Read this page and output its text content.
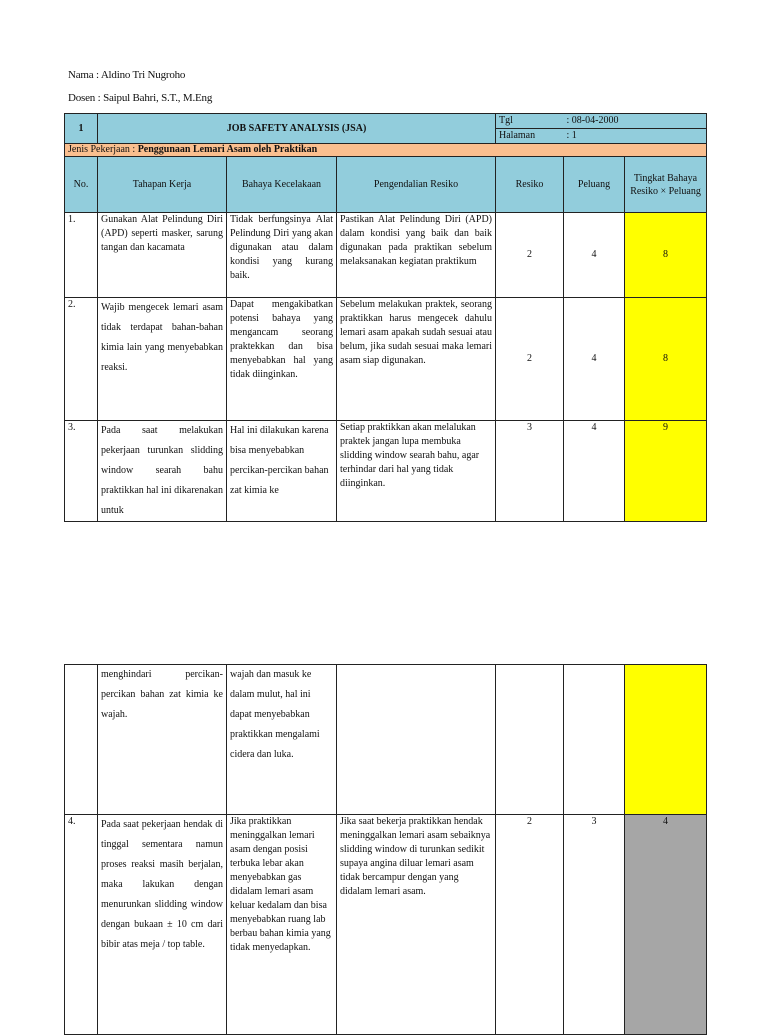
Nama : Aldino Tri Nugroho
Dosen : Saipul Bahri, S.T., M.Eng
1	JOB SAFETY ANALYSIS (JSA)			Tgl	: 08-04-2000	
				Halaman	: 1	
Jenis Pekerjaan : Penggunaan Lemari Asam oleh Praktikan						
No.	Tahapan Kerja	Bahaya Kecelakaan	Pengendalian Resiko	Resiko	Peluang	Tingkat Bahaya Resiko × Peluang
1.	Gunakan Alat Pelindung Diri (APD) seperti masker, sarung tangan dan kacamata	Tidak berfungsinya Alat Pelindung Diri yang akan digunakan atau dalam kondisi yang kurang baik.	Pastikan Alat Pelindung Diri (APD) dalam kondisi yang baik dan baik digunakan pada praktikan sebelum melaksanakan kegiatan praktikum	2	4	8
2.	Wajib mengecek lemari asam tidak terdapat bahan-bahan kimia lain yang menyebabkan reaksi.	Dapat mengakibatkan potensi bahaya yang mengancam seorang praktekkan dan bisa menyebabkan hal yang tidak diinginkan.	Sebelum melakukan praktek, seorang praktikkan harus mengecek dahulu lemari asam apakah sudah sesuai atau belum, jika sudah sesuai maka lemari asam siap digunakan.	2	4	8
3.	Pada saat melakukan pekerjaan turunkan slidding window searah bahu praktikkan hal ini dikarenakan untuk	Hal ini dilakukan karena bisa menyebabkan percikan-percikan bahan zat kimia ke	Setiap praktikkan akan melalukan praktek jangan lupa membuka slidding window searah bahu, agar terhindar dari hal yang tidak diinginkan.	3	4	9
	menghindari percikan-percikan bahan zat kimia ke wajah.	wajah dan masuk ke dalam mulut, hal ini dapat menyebabkan praktikkan mengalami cidera dan luka.				
4.	Pada saat pekerjaan hendak di tinggal sementara namun proses reaksi masih berjalan, maka lakukan dengan menurunkan slidding window dengan bukaan ± 10 cm dari bibir atas meja / top table.	Jika praktikkan meninggalkan lemari asam dengan posisi terbuka lebar akan menyebabkan gas didalam lemari asam keluar kedalam dan bisa menyebabkan ruang lab berbau bahan kimia yang tidak menyedapkan.	Jika saat bekerja praktikkan hendak meninggalkan lemari asam sebaiknya slidding window di turunkan sedikit supaya angina diluar lemari asam tidak bercampur dengan yang didalam lemari asam.	2	3	4
